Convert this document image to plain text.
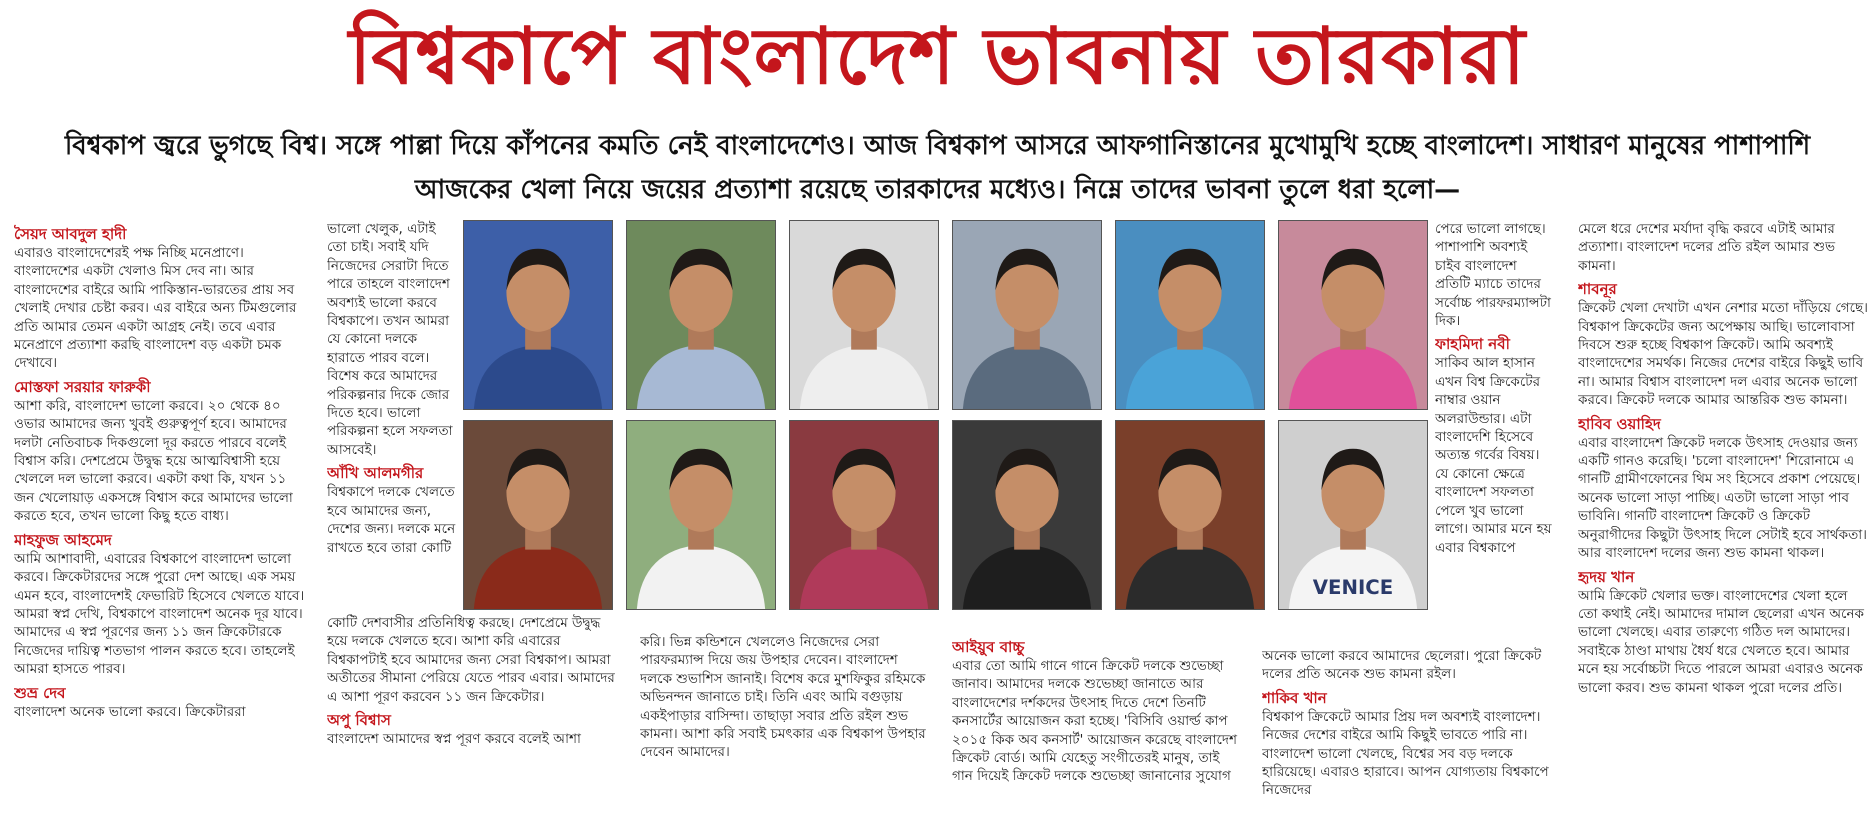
বিশ্বকাপে বাংলাদেশ ভাবনায় তারকারা
বিশ্বকাপ জ্বরে ভুগছে বিশ্ব। সঙ্গে পাল্লা দিয়ে কাঁপনের কমতি নেই বাংলাদেশেও। আজ বিশ্বকাপ আসরে আফগানিস্তানের মুখোমুখি হচ্ছে বাংলাদেশ। সাধারণ মানুষের পাশাপাশি আজকের খেলা নিয়ে জয়ের প্রত্যাশা রয়েছে তারকাদের মধ্যেও। নিম্নে তাদের ভাবনা তুলে ধরা হলো—
সৈয়দ আবদুল হাদী

এবারও বাংলাদেশেরই পক্ষ নিচ্ছি মনেপ্রাণে। বাংলাদেশের একটা খেলাও মিস দেব না। আর বাংলাদেশের বাইরে আমি পাকিস্তান-ভারতের প্রায় সব খেলাই দেখার চেষ্টা করব। এর বাইরে অন্য টিমগুলোর প্রতি আমার তেমন একটা আগ্রহ নেই। তবে এবার মনেপ্রাণে প্রত্যাশা করছি বাংলাদেশ বড় একটা চমক দেখাবে।

মোস্তফা সরয়ার ফারুকী

আশা করি, বাংলাদেশ ভালো করবে। ২০ থেকে ৪০ ওভার আমাদের জন্য খুবই গুরুত্বপূর্ণ হবে। আমাদের দলটা নেতিবাচক দিকগুলো দূর করতে পারবে বলেই বিশ্বাস করি। দেশপ্রেমে উদ্বুদ্ধ হয়ে আত্মবিশ্বাসী হয়ে খেললে দল ভালো করবে। একটা কথা কি, যখন ১১ জন খেলোয়াড় একসঙ্গে বিশ্বাস করে আমাদের ভালো করতে হবে, তখন ভালো কিছু হতে বাধ্য।

মাহফুজ আহমেদ

আমি আশাবাদী, এবারের বিশ্বকাপে বাংলাদেশ ভালো করবে। ক্রিকেটারদের সঙ্গে পুরো দেশ আছে। এক সময় এমন হবে, বাংলাদেশই ফেভারিট হিসেবে খেলতে যাবে। আমরা স্বপ্ন দেখি, বিশ্বকাপে বাংলাদেশ অনেক দূর যাবে। আমাদের এ স্বপ্ন পূরণের জন্য ১১ জন ক্রিকেটারকে নিজেদের দায়িত্ব শতভাগ পালন করতে হবে। তাহলেই আমরা হাসতে পারব।

শুভ্র দেব

বাংলাদেশ অনেক ভালো করবে। ক্রিকেটাররা

ভালো খেলুক, এটাই তো চাই। সবাই যদি নিজেদের সেরাটা দিতে পারে তাহলে বাংলাদেশ অবশ্যই ভালো করবে বিশ্বকাপে। তখন আমরা যে কোনো দলকে হারাতে পারব বলে। বিশেষ করে আমাদের পরিকল্পনার দিকে জোর দিতে হবে। ভালো পরিকল্পনা হলে সফলতা আসবেই।

আঁখি আলমগীর

বিশ্বকাপে দলকে খেলতে হবে আমাদের জন্য, দেশের জন্য। দলকে মনে রাখতে হবে তারা কোটি

কোটি দেশবাসীর প্রতিনিধিত্ব করছে। দেশপ্রেমে উদ্বুদ্ধ হয়ে দলকে খেলতে হবে। আশা করি এবারের বিশ্বকাপটাই হবে আমাদের জন্য সেরা বিশ্বকাপ। আমরা অতীতের সীমানা পেরিয়ে যেতে পারব এবার। আমাদের এ আশা পূরণ করবেন ১১ জন ক্রিকেটার।

অপু বিশ্বাস

বাংলাদেশ আমাদের স্বপ্ন পূরণ করবে বলেই আশা

করি। ভিন্ন কন্ডিশনে খেললেও নিজেদের সেরা পারফরম্যান্স দিয়ে জয় উপহার দেবেন। বাংলাদেশ দলকে শুভাশিস জানাই। বিশেষ করে মুশফিকুর রহিমকে অভিনন্দন জানাতে চাই। তিনি এবং আমি বগুড়ায় একইপাড়ার বাসিন্দা। তাছাড়া সবার প্রতি রইল শুভ কামনা। আশা করি সবাই চমৎকার এক বিশ্বকাপ উপহার দেবেন আমাদের।

আইয়ুব বাচ্চু

এবার তো আমি গানে গানে ক্রিকেট দলকে শুভেচ্ছা জানাব। আমাদের দলকে শুভেচ্ছা জানাতে আর বাংলাদেশের দর্শকদের উৎসাহ দিতে দেশে তিনটি কনসার্টের আয়োজন করা হচ্ছে। 'বিসিবি ওয়ার্ল্ড কাপ ২০১৫ কিক অব কনসার্ট' আয়োজন করেছে বাংলাদেশ ক্রিকেট বোর্ড। আমি যেহেতু সংগীতেরই মানুষ, তাই গান দিয়েই ক্রিকেট দলকে শুভেচ্ছা জানানোর সুযোগ

অনেক ভালো করবে আমাদের ছেলেরা। পুরো ক্রিকেট দলের প্রতি অনেক শুভ কামনা রইল।

শাকিব খান

বিশ্বকাপ ক্রিকেটে আমার প্রিয় দল অবশ্যই বাংলাদেশ। নিজের দেশের বাইরে আমি কিছুই ভাবতে পারি না। বাংলাদেশ ভালো খেলছে, বিশ্বের সব বড় দলকে হারিয়েছে। এবারও হারাবে। আপন যোগ্যতায় বিশ্বকাপে নিজেদের

পেরে ভালো লাগছে। পাশাপাশি অবশ্যই চাইব বাংলাদেশ প্রতিটি ম্যাচে তাদের সর্বোচ্চ পারফরম্যান্সটা দিক।

ফাহমিদা নবী

সাকিব আল হাসান এখন বিশ্ব ক্রিকেটের নাম্বার ওয়ান অলরাউন্ডার। এটা বাংলাদেশি হিসেবে অত্যন্ত গর্বের বিষয়। যে কোনো ক্ষেত্রে বাংলাদেশ সফলতা পেলে খুব ভালো লাগে। আমার মনে হয় এবার বিশ্বকাপে

মেলে ধরে দেশের মর্যাদা বৃদ্ধি করবে এটাই আমার প্রত্যাশা। বাংলাদেশ দলের প্রতি রইল আমার শুভ কামনা।

শাবনূর

ক্রিকেট খেলা দেখাটা এখন নেশার মতো দাঁড়িয়ে গেছে। বিশ্বকাপ ক্রিকেটের জন্য অপেক্ষায় আছি। ভালোবাসা দিবসে শুরু হচ্ছে বিশ্বকাপ ক্রিকেট। আমি অবশ্যই বাংলাদেশের সমর্থক। নিজের দেশের বাইরে কিছুই ভাবি না। আমার বিশ্বাস বাংলাদেশ দল এবার অনেক ভালো করবে। ক্রিকেট দলকে আমার আন্তরিক শুভ কামনা।

হাবিব ওয়াহিদ

এবার বাংলাদেশ ক্রিকেট দলকে উৎসাহ দেওয়ার জন্য একটি গানও করেছি। 'চলো বাংলাদেশ' শিরোনামে এ গানটি গ্রামীণফোনের থিম সং হিসেবে প্রকাশ পেয়েছে। অনেক ভালো সাড়া পাচ্ছি। এতটা ভালো সাড়া পাব ভাবিনি। গানটি বাংলাদেশ ক্রিকেট ও ক্রিকেট অনুরাগীদের কিছুটা উৎসাহ দিলে সেটাই হবে সার্থকতা। আর বাংলাদেশ দলের জন্য শুভ কামনা থাকল।

হৃদয় খান

আমি ক্রিকেট খেলার ভক্ত। বাংলাদেশের খেলা হলে তো কথাই নেই। আমাদের দামাল ছেলেরা এখন অনেক ভালো খেলছে। এবার তারুণ্যে গঠিত দল আমাদের। সবাইকে ঠাণ্ডা মাথায় ধৈর্য ধরে খেলতে হবে। আমার মনে হয় সর্বোচ্চটা দিতে পারলে আমরা এবারও অনেক ভালো করব। শুভ কামনা থাকল পুরো দলের প্রতি।

VENICE
